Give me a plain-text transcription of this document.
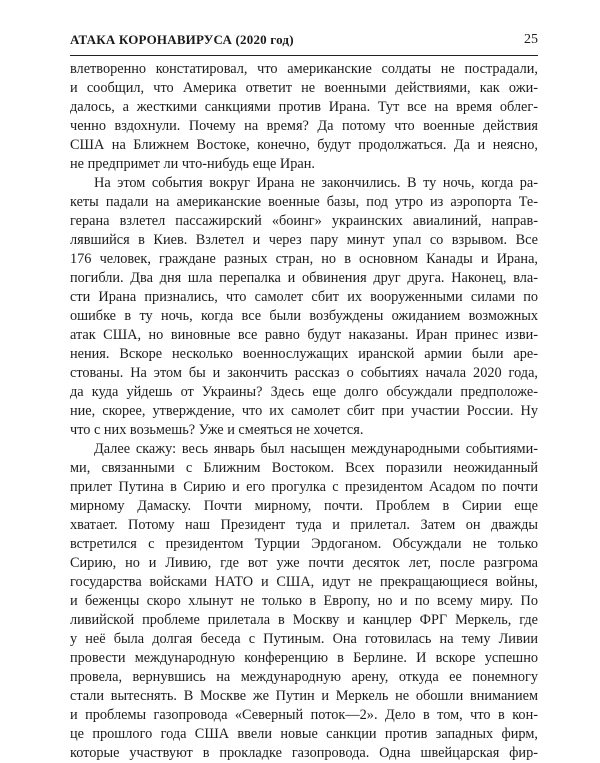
АТАКА КОРОНАВИРУСА (2020 год)	25
влетворенно констатировал, что американские солдаты не пострадали,
и сообщил, что Америка ответит не военными действиями, как ожи-
далось, а жесткими санкциями против Ирана. Тут все на время облег-
ченно вздохнули. Почему на время? Да потому что военные действия
США на Ближнем Востоке, конечно, будут продолжаться. Да и неясно,
не предпримет ли что-нибудь еще Иран.
На этом события вокруг Ирана не закончились. В ту ночь, когда ра-
кеты падали на американские военные базы, под утро из аэропорта Те-
герана взлетел пассажирский «боинг» украинских авиалиний, направ-
лявшийся в Киев. Взлетел и через пару минут упал со взрывом. Все
176 человек, граждане разных стран, но в основном Канады и Ирана,
погибли. Два дня шла перепалка и обвинения друг друга. Наконец, вла-
сти Ирана признались, что самолет сбит их вооруженными силами по
ошибке в ту ночь, когда все были возбуждены ожиданием возможных
атак США, но виновные все равно будут наказаны. Иран принес изви-
нения. Вскоре несколько военнослужащих иранской армии были аре-
стованы. На этом бы и закончить рассказ о событиях начала 2020 года,
да куда уйдешь от Украины? Здесь еще долго обсуждали предположе-
ние, скорее, утверждение, что их самолет сбит при участии России. Ну
что с них возьмешь? Уже и смеяться не хочется.
Далее скажу: весь январь был насыщен международными событиями-
ми, связанными с Ближним Востоком. Всех поразили неожиданный
прилет Путина в Сирию и его прогулка с президентом Асадом по почти
мирному Дамаску. Почти мирному, почти. Проблем в Сирии еще
хватает. Потому наш Президент туда и прилетал. Затем он дважды
встретился с президентом Турции Эрдоганом. Обсуждали не только
Сирию, но и Ливию, где вот уже почти десяток лет, после разгрома
государства войсками НАТО и США, идут не прекращающиеся войны,
и беженцы скоро хлынут не только в Европу, но и по всему миру. По
ливийской проблеме прилетала в Москву и канцлер ФРГ Меркель, где
у неё была долгая беседа с Путиным. Она готовилась на тему Ливии
провести международную конференцию в Берлине. И вскоре успешно
провела, вернувшись на международную арену, откуда ее понемногу
стали вытеснять. В Москве же Путин и Меркель не обошли вниманием
и проблемы газопровода «Северный поток—2». Дело в том, что в кон-
це прошлого года США ввели новые санкции против западных фирм,
которые участвуют в прокладке газопровода. Одна швейцарская фир-
